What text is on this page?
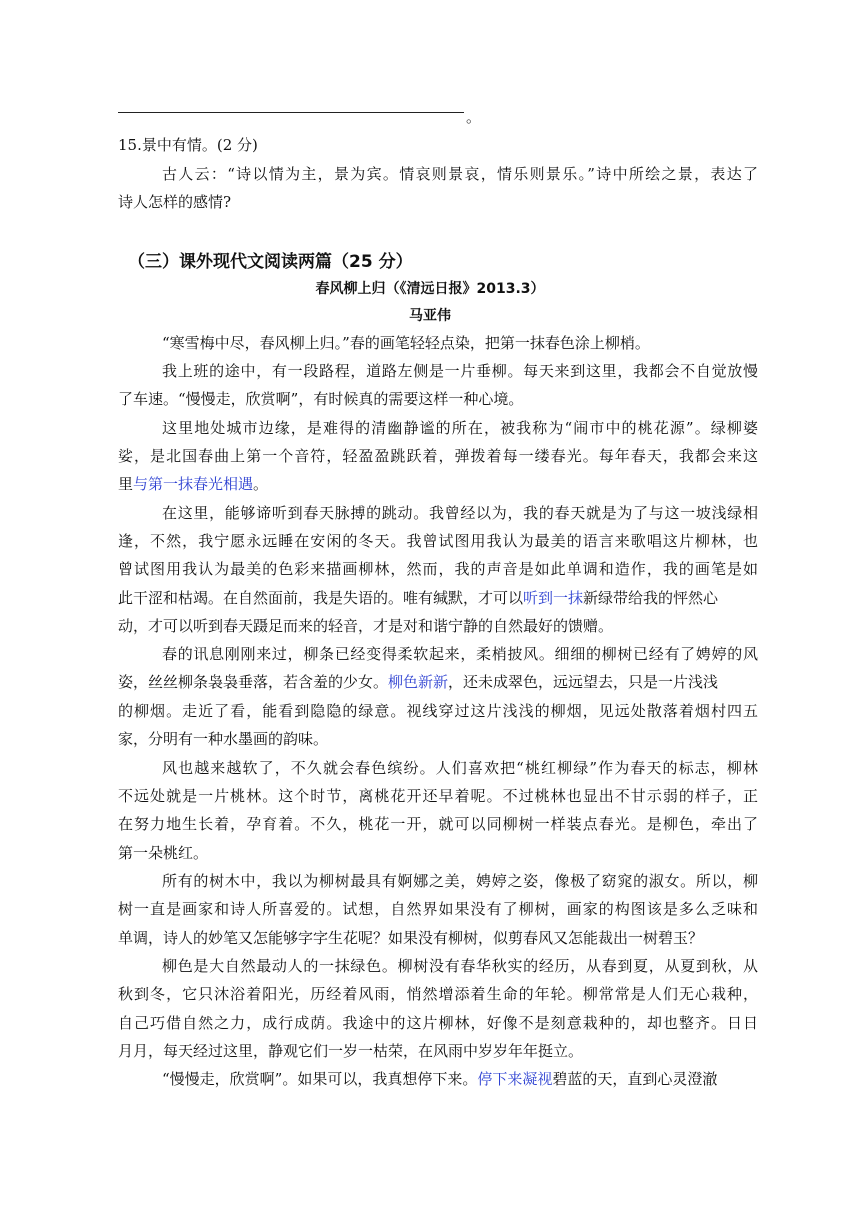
。
15.景中有情。(2 分)
古人云：“诗以情为主，景为宾。情哀则景哀，情乐则景乐。”诗中所绘之景，表达了
诗人怎样的感情?
（三）课外现代文阅读两篇（25 分）
春风柳上归（《清远日报》2013.3）
马亚伟
“寒雪梅中尽，春风柳上归。”春的画笔轻轻点染，把第一抹春色涂上柳梢。
我上班的途中，有一段路程，道路左侧是一片垂柳。每天来到这里，我都会不自觉放慢
了车速。“慢慢走，欣赏啊”，有时候真的需要这样一种心境。
这里地处城市边缘，是难得的清幽静谧的所在，被我称为“闹市中的桃花源”。绿柳婆
娑，是北国春曲上第一个音符，轻盈盈跳跃着，弹拨着每一缕春光。每年春天，我都会来这
里与第一抹春光相遇。
在这里，能够谛听到春天脉搏的跳动。我曾经以为，我的春天就是为了与这一坡浅绿相
逢，不然，我宁愿永远睡在安闲的冬天。我曾试图用我认为最美的语言来歌唱这片柳林，也
曾试图用我认为最美的色彩来描画柳林，然而，我的声音是如此单调和造作，我的画笔是如
此干涩和枯竭。在自然面前，我是失语的。唯有缄默，才可以听到一抹新绿带给我的怦然心
动，才可以听到春天蹑足而来的轻音，才是对和谐宁静的自然最好的馈赠。
春的讯息刚刚来过，柳条已经变得柔软起来，柔梢披风。细细的柳树已经有了娉婷的风
姿，丝丝柳条袅袅垂落，若含羞的少女。柳色新新，还未成翠色，远远望去，只是一片浅浅
的柳烟。走近了看，能看到隐隐的绿意。视线穿过这片浅浅的柳烟，见远处散落着烟村四五
家，分明有一种水墨画的韵味。
风也越来越软了，不久就会春色缤纷。人们喜欢把“桃红柳绿”作为春天的标志，柳林
不远处就是一片桃林。这个时节，离桃花开还早着呢。不过桃林也显出不甘示弱的样子，正
在努力地生长着，孕育着。不久，桃花一开，就可以同柳树一样装点春光。是柳色，牵出了
第一朵桃红。
所有的树木中，我以为柳树最具有婀娜之美，娉婷之姿，像极了窈窕的淑女。所以，柳
树一直是画家和诗人所喜爱的。试想，自然界如果没有了柳树，画家的构图该是多么乏味和
单调，诗人的妙笔又怎能够字字生花呢？如果没有柳树，似剪春风又怎能裁出一树碧玉？
柳色是大自然最动人的一抹绿色。柳树没有春华秋实的经历，从春到夏，从夏到秋，从
秋到冬，它只沐浴着阳光，历经着风雨，悄然增添着生命的年轮。柳常常是人们无心栽种，
自己巧借自然之力，成行成荫。我途中的这片柳林，好像不是刻意栽种的，却也整齐。日日
月月，每天经过这里，静观它们一岁一枯荣，在风雨中岁岁年年挺立。
“慢慢走，欣赏啊”。如果可以，我真想停下来。停下来凝视碧蓝的天，直到心灵澄澈
